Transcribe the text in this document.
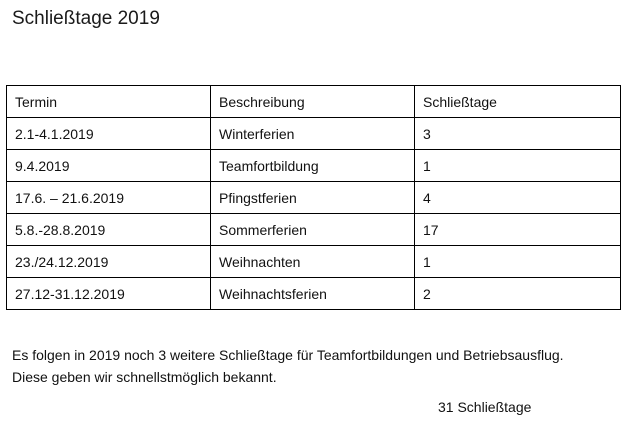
Schließtage 2019
Termin	Beschreibung	Schließtage
2.1-4.1.2019	Winterferien	3
9.4.2019	Teamfortbildung	1
17.6. – 21.6.2019	Pfingstferien	4
5.8.-28.8.2019	Sommerferien	17
23./24.12.2019	Weihnachten	1
27.12-31.12.2019	Weihnachtsferien	2
Es folgen in 2019 noch 3 weitere Schließtage für Teamfortbildungen und Betriebsausflug.
Diese geben wir schnellstmöglich bekannt.
31 Schließtage
